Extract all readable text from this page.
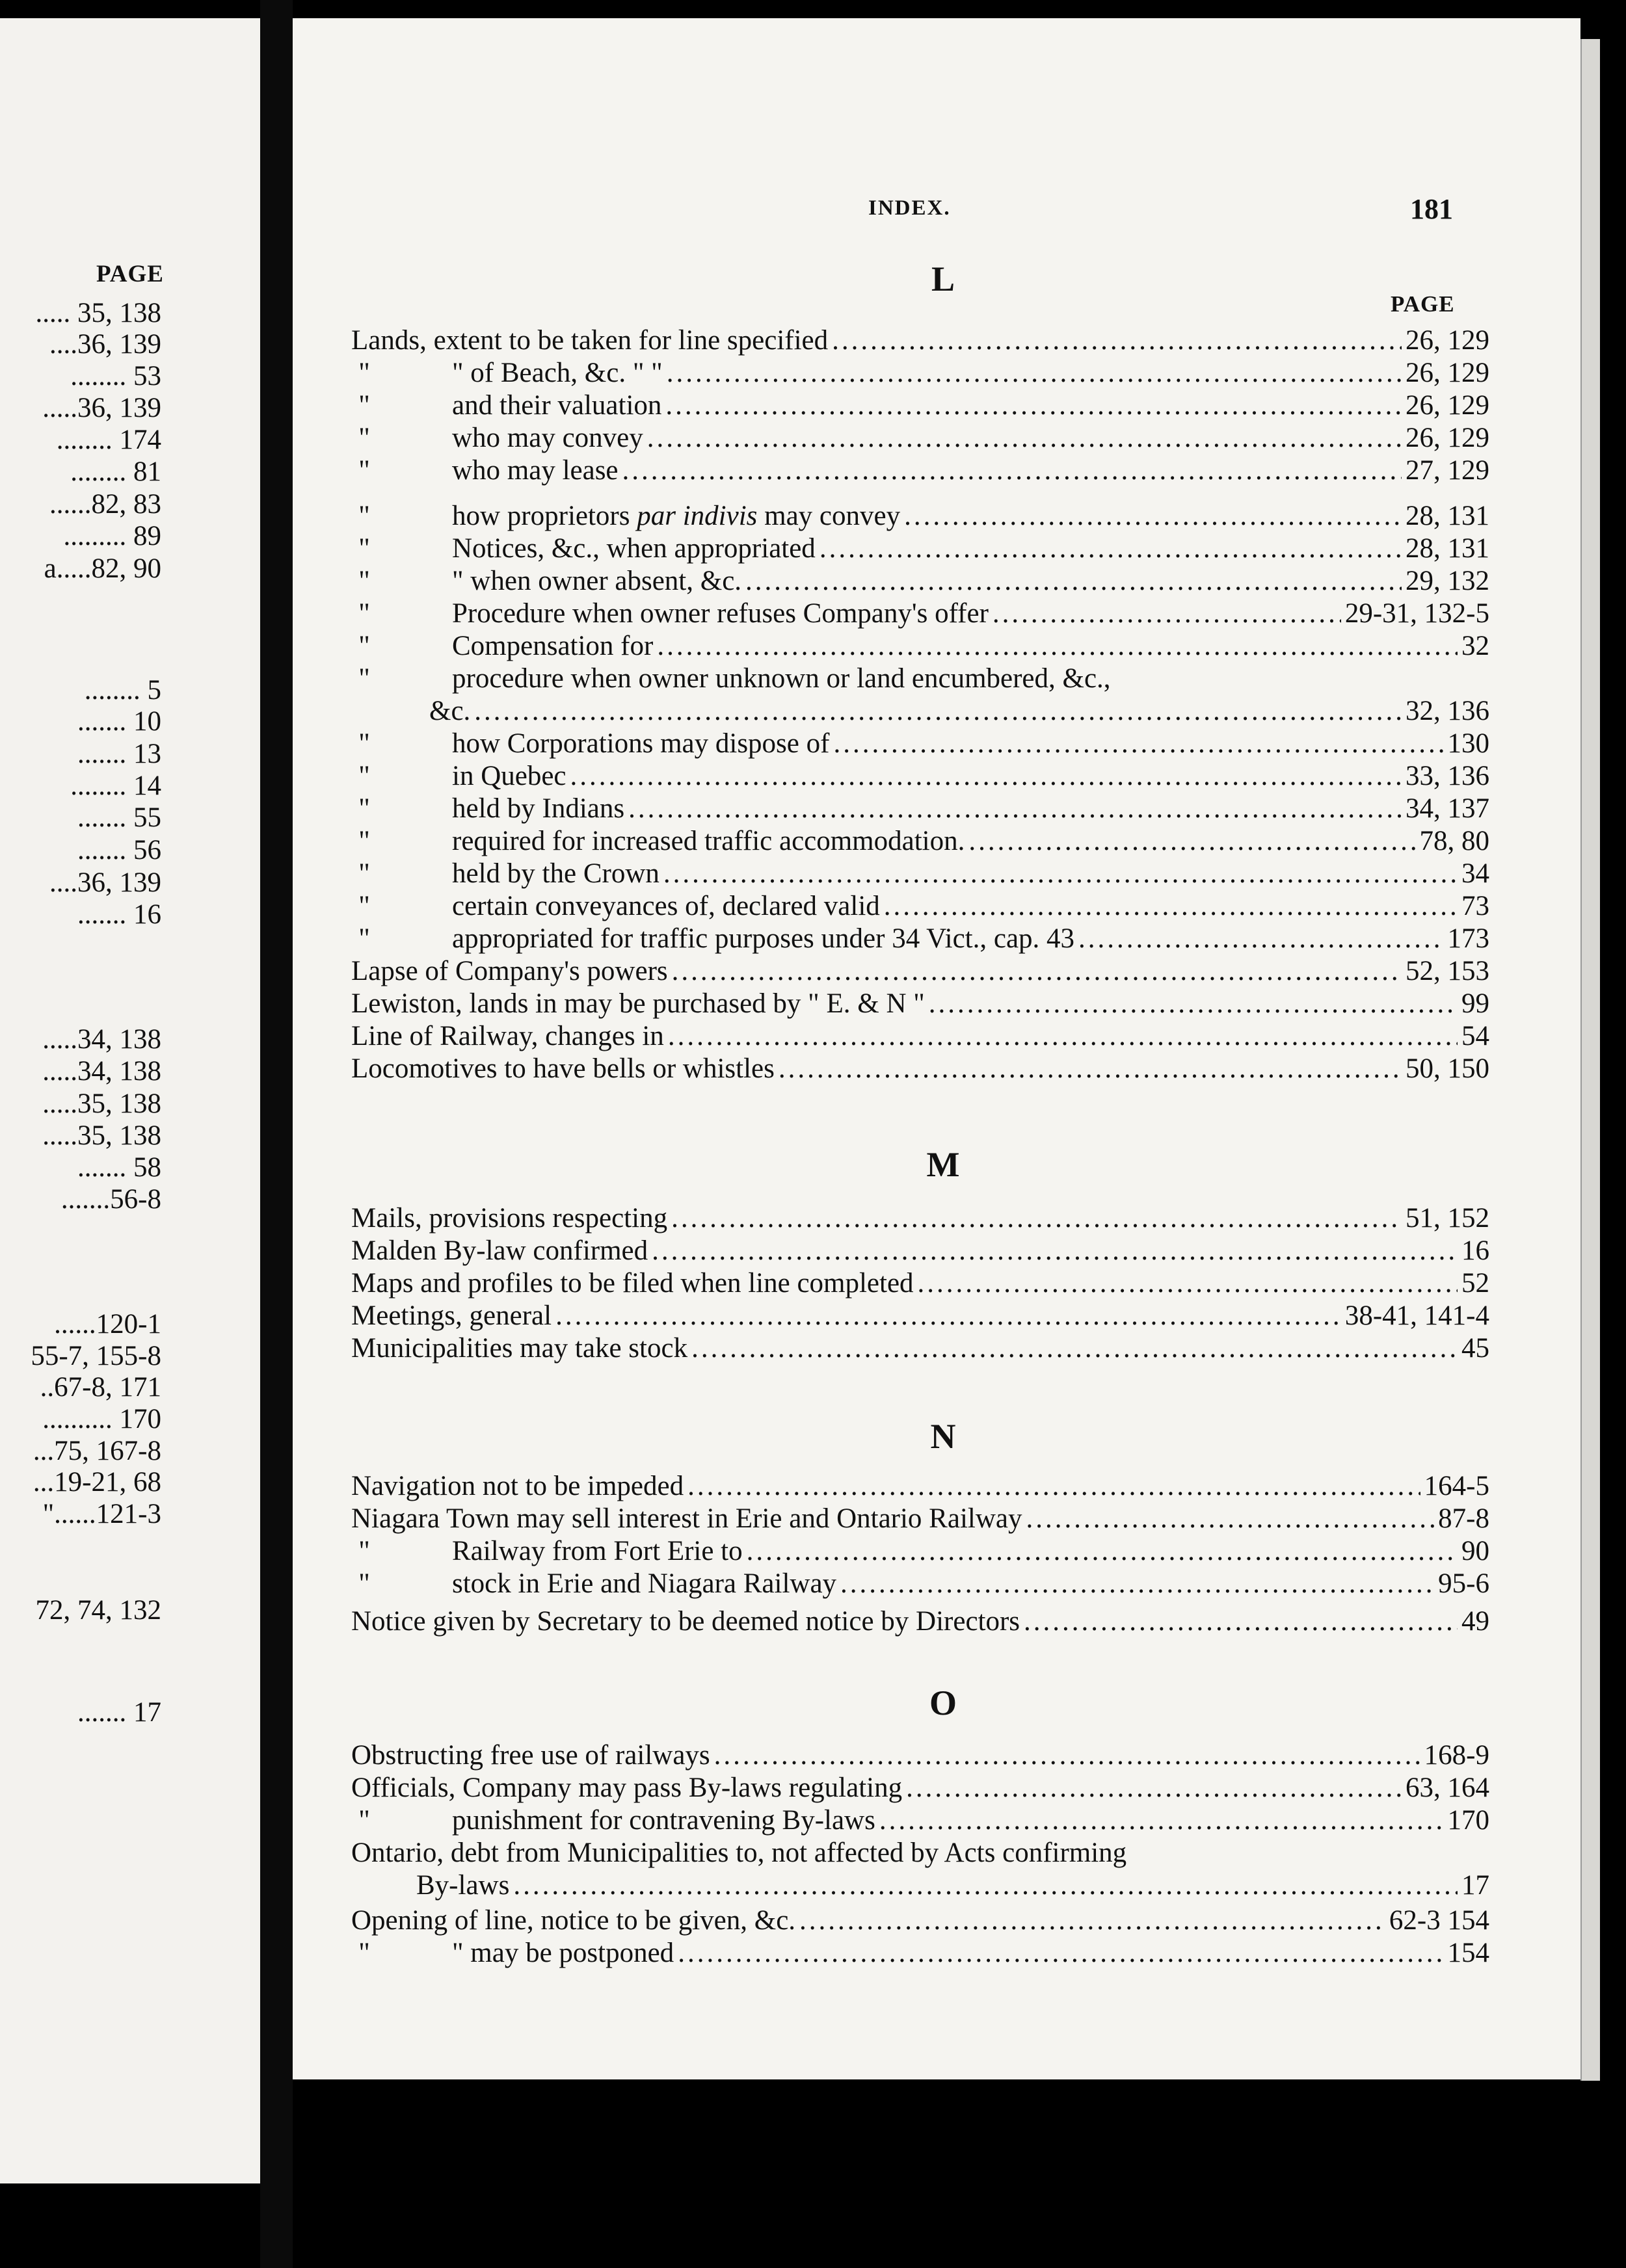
PAGE
..... 35, 138
....36, 139
........ 53
.....36, 139
........ 174
........ 81
......82, 83
......... 89
a.....82, 90
........ 5
....... 10
....... 13
........ 14
....... 55
....... 56
....36, 139
....... 16
.....34, 138
.....34, 138
.....35, 138
.....35, 138
....... 58
.......56-8
......120-1
55-7, 155-8
..67-8, 171
.......... 170
...75, 167-8
...19-21, 68
"......121-3
72, 74, 132
....... 17
INDEX.	181
PAGE
L
Lands, extent to be taken for line specified .....	26, 129
"	" of Beach, &c. " " .....	26, 129
"	and their valuation .....	26, 129
"	who may convey .....	26, 129
"	who may lease .....	27, 129
"	how proprietors par indivis may convey .....	28, 131
"	Notices, &c., when appropriated .....	28, 131
"	" when owner absent, &c. .....	29, 132
"	Procedure when owner refuses Company's offer .....	29-31, 132-5
"	Compensation for .....	32
"	procedure when owner unknown or land encumbered, &c.,
&c. .....	32, 136
"	how Corporations may dispose of .....	130
"	in Quebec .....	33, 136
"	held by Indians .....	34, 137
"	required for increased traffic accommodation. .....	78, 80
"	held by the Crown .....	34
"	certain conveyances of, declared valid .....	73
"	appropriated for traffic purposes under 34 Vict., cap. 43 .....	173
Lapse of Company's powers .....	52, 153
Lewiston, lands in may be purchased by " E. & N " .....	99
Line of Railway, changes in .....	54
Locomotives to have bells or whistles .....	50, 150
M
Mails, provisions respecting .....	51, 152
Malden By-law confirmed .....	16
Maps and profiles to be filed when line completed .....	52
Meetings, general .....	38-41, 141-4
Municipalities may take stock .....	45
N
Navigation not to be impeded .....	164-5
Niagara Town may sell interest in Erie and Ontario Railway .....	87-8
"	Railway from Fort Erie to .....	90
"	stock in Erie and Niagara Railway .....	95-6
Notice given by Secretary to be deemed notice by Directors .....	49
O
Obstructing free use of railways .....	168-9
Officials, Company may pass By-laws regulating .....	63, 164
"	punishment for contravening By-laws .....	170
Ontario, debt from Municipalities to, not affected by Acts confirming
By-laws .....	17
Opening of line, notice to be given, &c. .....	62-3 154
"	" may be postponed .....	154
